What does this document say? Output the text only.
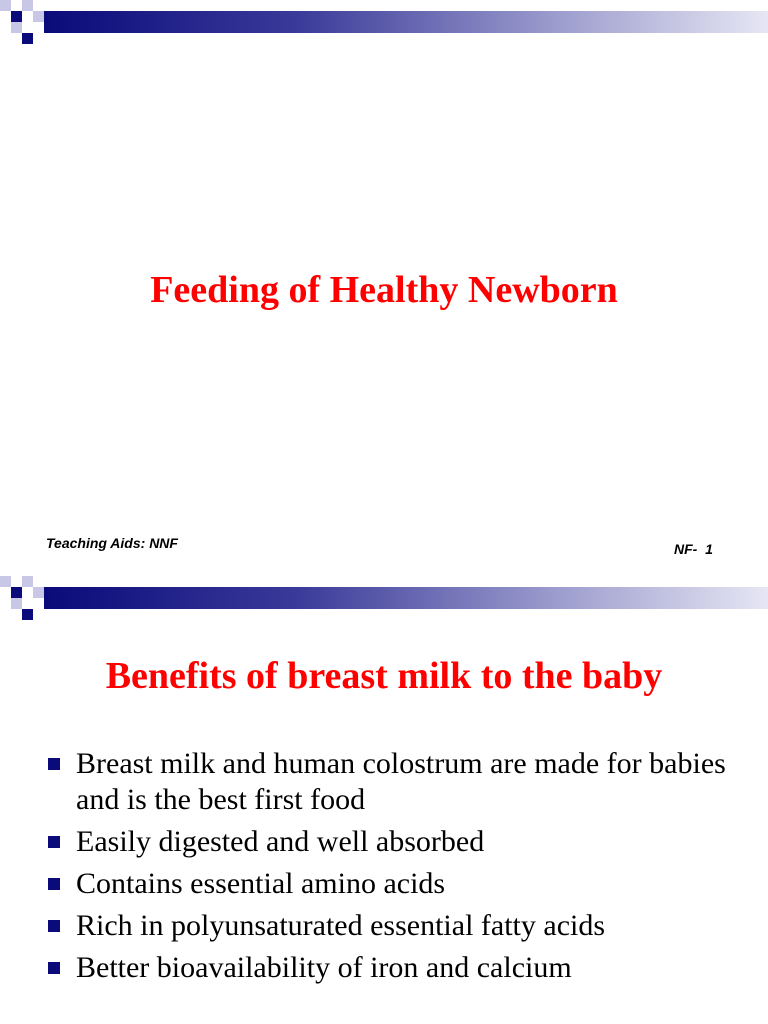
Feeding of Healthy Newborn
Teaching Aids: NNF	NF-  1
Benefits of breast milk to the baby
Breast milk and human colostrum are made for babies and is the best first food
Easily digested and well absorbed
Contains essential amino acids
Rich in polyunsaturated essential fatty acids
Better bioavailability of iron and calcium
